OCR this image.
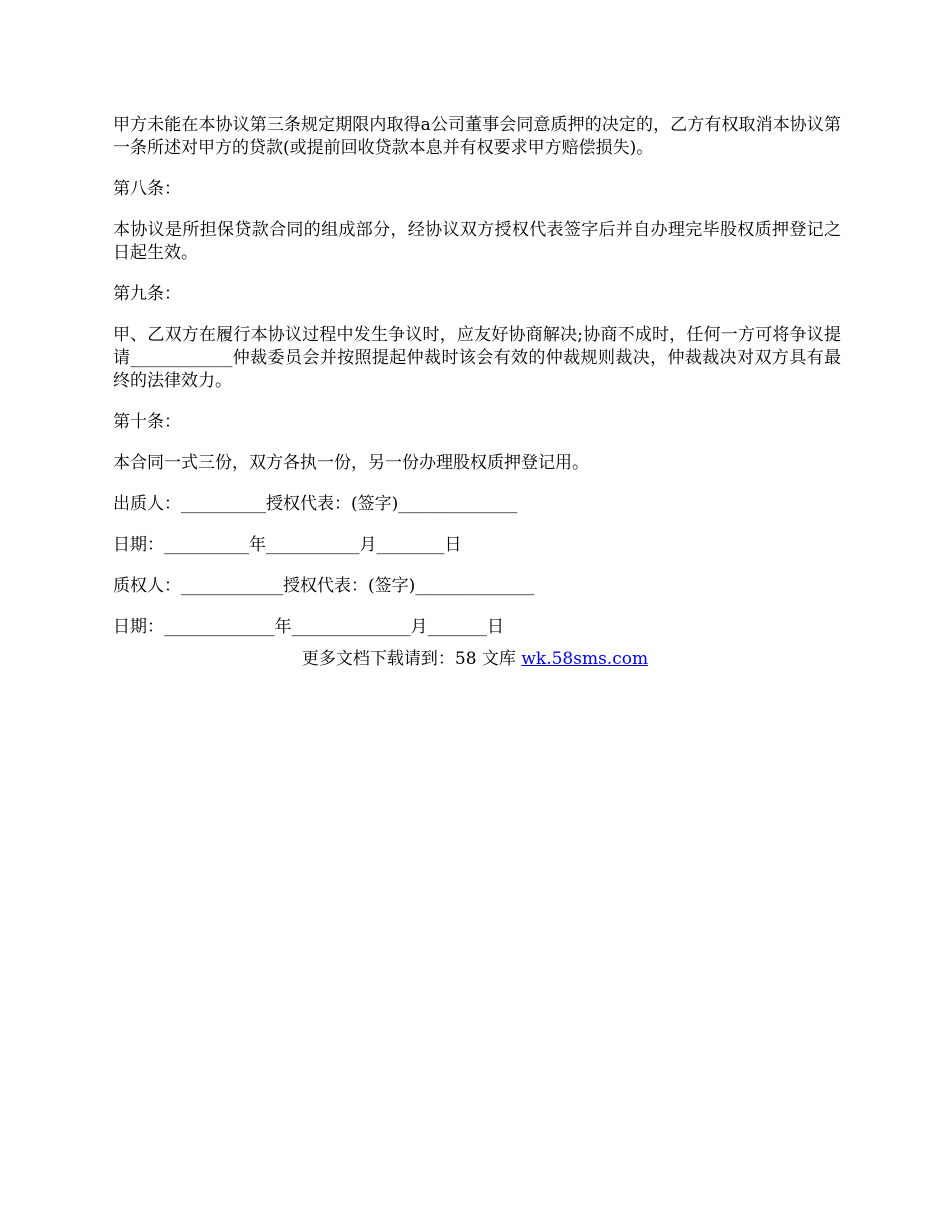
甲方未能在本协议第三条规定期限内取得a公司董事会同意质押的决定的，乙方有权取消本协议第一条所述对甲方的贷款(或提前回收贷款本息并有权要求甲方赔偿损失)。

第八条：

本协议是所担保贷款合同的组成部分，经协议双方授权代表签字后并自办理完毕股权质押登记之日起生效。

第九条：

甲、乙双方在履行本协议过程中发生争议时，应友好协商解决;协商不成时，任何一方可将争议提请____________仲裁委员会并按照提起仲裁时该会有效的仲裁规则裁决，仲裁裁决对双方具有最终的法律效力。

第十条：

本合同一式三份，双方各执一份，另一份办理股权质押登记用。

出质人：__________授权代表：(签字)______________

日期：__________年___________月________日

质权人：____________授权代表：(签字)______________

日期：_____________年______________月_______日

更多文档下载请到：58 文库 wk.58sms.com
